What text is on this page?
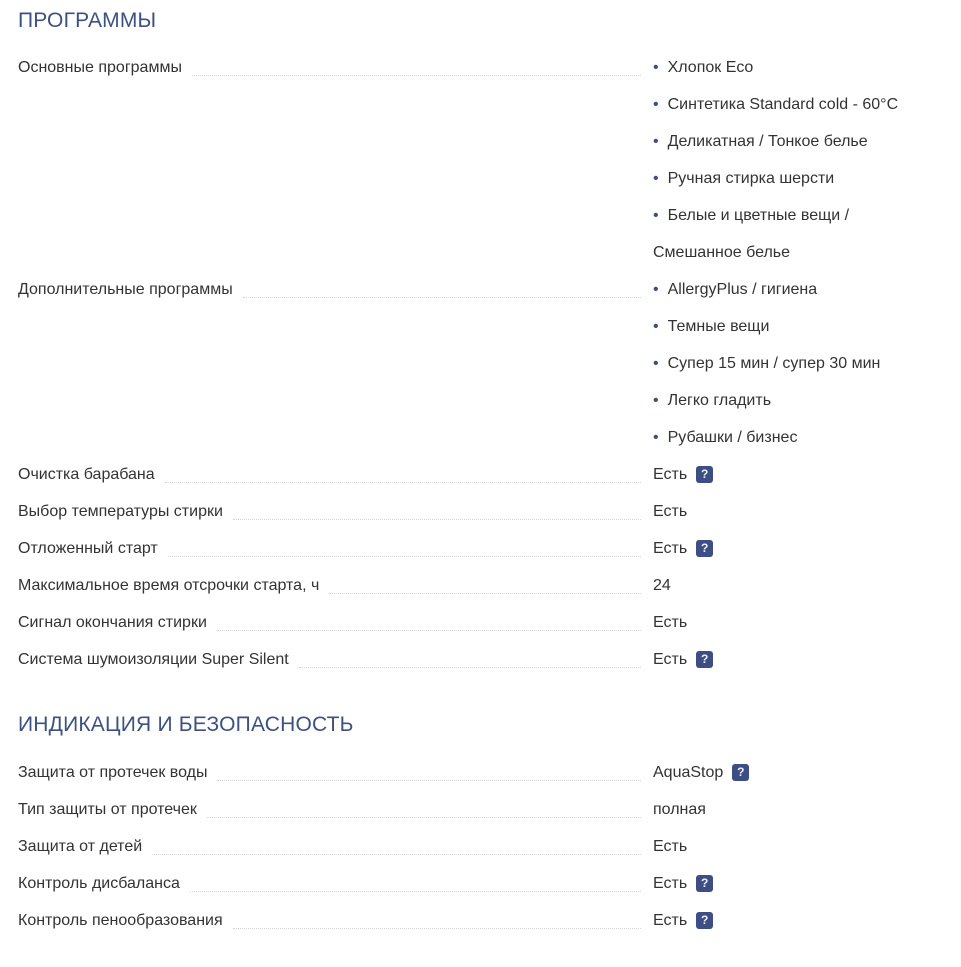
ПРОГРАММЫ
Основные программы	• Хлопок Eco
• Синтетика Standard cold - 60°C
• Деликатная / Тонкое белье
• Ручная стирка шерсти
• Белые и цветные вещи / Смешанное белье
Дополнительные программы	• AllergyPlus / гигиена
• Темные вещи
• Супер 15 мин / супер 30 мин
• Легко гладить
• Рубашки / бизнес
Очистка барабана	Есть ?
Выбор температуры стирки	Есть
Отложенный старт	Есть ?
Максимальное время отсрочки старта, ч	24
Сигнал окончания стирки	Есть
Система шумоизоляции Super Silent	Есть ?
ИНДИКАЦИЯ И БЕЗОПАСНОСТЬ
Защита от протечек воды	AquaStop ?
Тип защиты от протечек	полная
Защита от детей	Есть
Контроль дисбаланса	Есть ?
Контроль пенообразования	Есть ?
